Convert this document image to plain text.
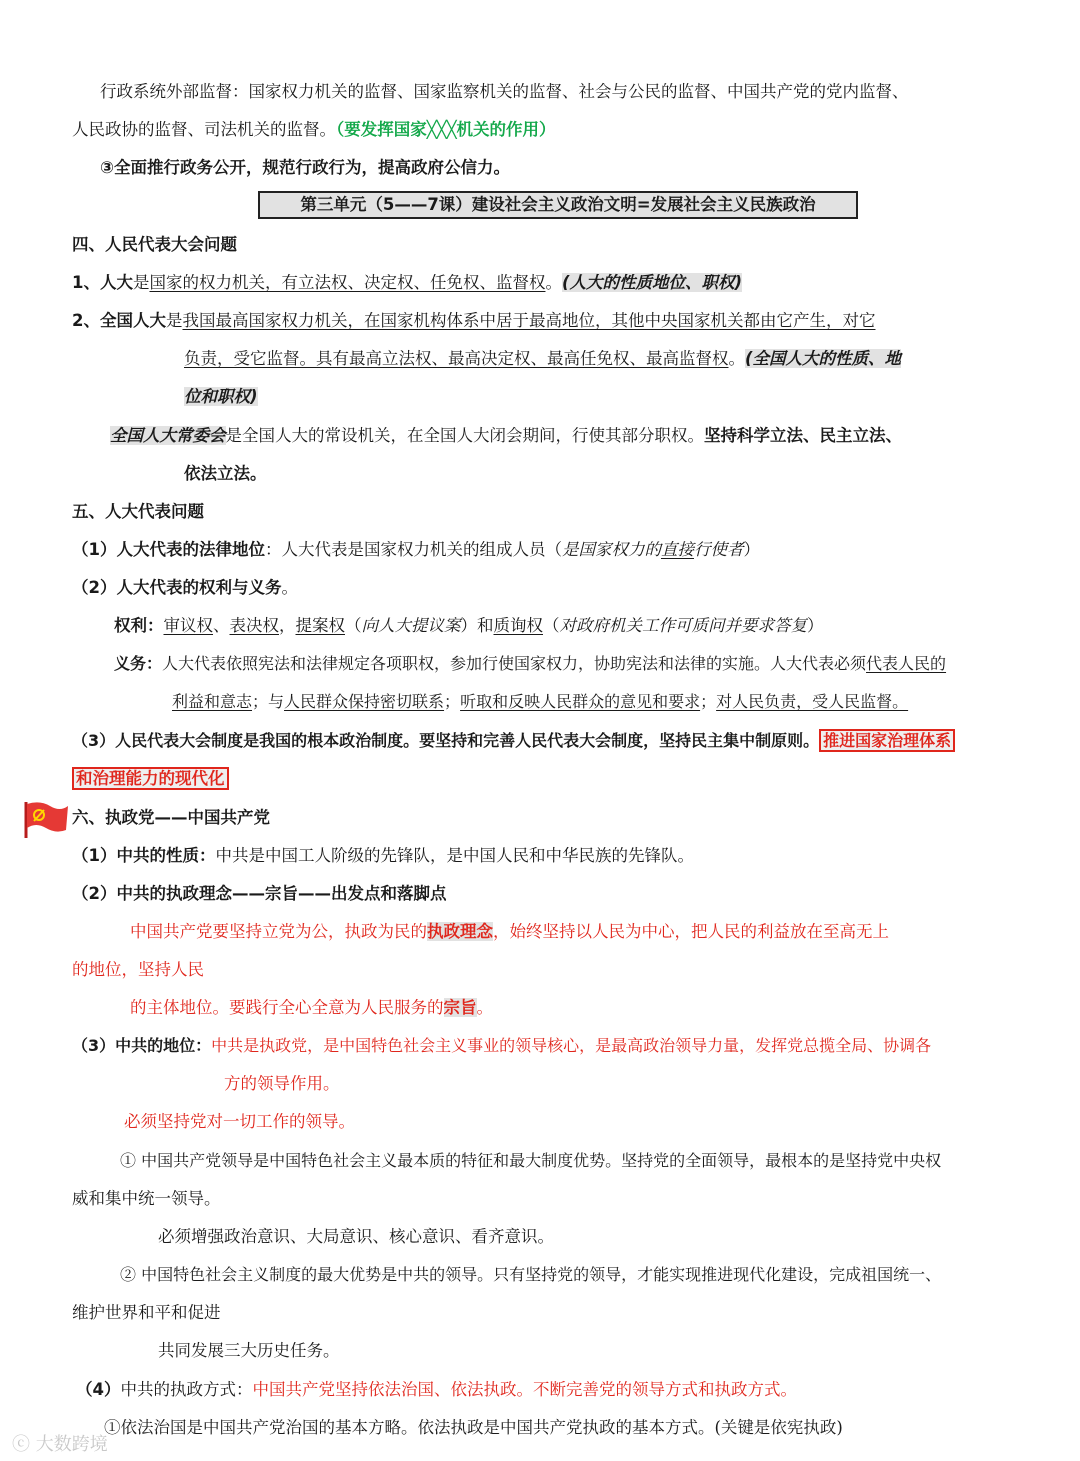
行政系统外部监督：国家权力机关的监督、国家监察机关的监督、社会与公民的监督、中国共产党的党内监督、
人民政协的监督、司法机关的监督。（要发挥国家╳╳╳机关的作用）
③全面推行政务公开，规范行政行为，提高政府公信力。
第三单元（5——7课）建设社会主义政治文明=发展社会主义民族政治
四、人民代表大会问题
1、人大是国家的权力机关，有立法权、决定权、任免权、监督权。(人大的性质地位、职权)
2、全国人大是我国最高国家权力机关，在国家机构体系中居于最高地位，其他中央国家机关都由它产生，对它
负责，受它监督。具有最高立法权、最高决定权、最高任免权、最高监督权。(全国人大的性质、地
位和职权)
全国人大常委会是全国人大的常设机关，在全国人大闭会期间，行使其部分职权。坚持科学立法、民主立法、
依法立法。
五、人大代表问题
（1）人大代表的法律地位：人大代表是国家权力机关的组成人员（是国家权力的直接行使者）
（2）人大代表的权利与义务。
权利：审议权、表决权，提案权（向人大提议案）和质询权（对政府机关工作可质问并要求答复）
义务：人大代表依照宪法和法律规定各项职权，参加行使国家权力，协助宪法和法律的实施。人大代表必须代表人民的
利益和意志；与人民群众保持密切联系；听取和反映人民群众的意见和要求；对人民负责，受人民监督。
（3）人民代表大会制度是我国的根本政治制度。要坚持和完善人民代表大会制度，坚持民主集中制原则。 推进国家治理体系
和治理能力的现代化
六、执政党——中国共产党
（1）中共的性质：中共是中国工人阶级的先锋队，是中国人民和中华民族的先锋队。
（2）中共的执政理念——宗旨——出发点和落脚点
中国共产党要坚持立党为公，执政为民的执政理念，始终坚持以人民为中心，把人民的利益放在至高无上
的地位，坚持人民
的主体地位。要践行全心全意为人民服务的宗旨。
（3）中共的地位：中共是执政党，是中国特色社会主义事业的领导核心，是最高政治领导力量，发挥党总揽全局、协调各
方的领导作用。
必须坚持党对一切工作的领导。
① 中国共产党领导是中国特色社会主义最本质的特征和最大制度优势。坚持党的全面领导，最根本的是坚持党中央权
威和集中统一领导。
必须增强政治意识、大局意识、核心意识、看齐意识。
② 中国特色社会主义制度的最大优势是中共的领导。只有坚持党的领导，才能实现推进现代化建设，完成祖国统一、
维护世界和平和促进
共同发展三大历史任务。
（4）中共的执政方式：中国共产党坚持依法治国、依法执政。不断完善党的领导方式和执政方式。
①依法治国是中国共产党治国的基本方略。依法执政是中国共产党执政的基本方式。(关键是依宪执政)
ⓒ 大数跨境
